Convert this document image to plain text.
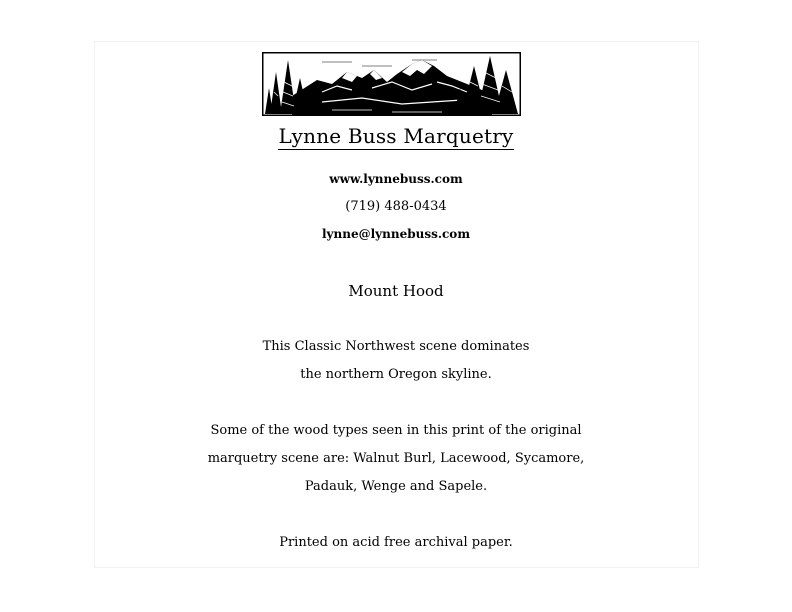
Lynne Buss Marquetry
www.lynnebuss.com
(719) 488-0434
lynne@lynnebuss.com
Mount Hood
This Classic Northwest scene dominates
the northern Oregon skyline.
Some of the wood types seen in this print of the original
marquetry scene are: Walnut Burl, Lacewood, Sycamore,
Padauk, Wenge and Sapele.
Printed on acid free archival paper.
